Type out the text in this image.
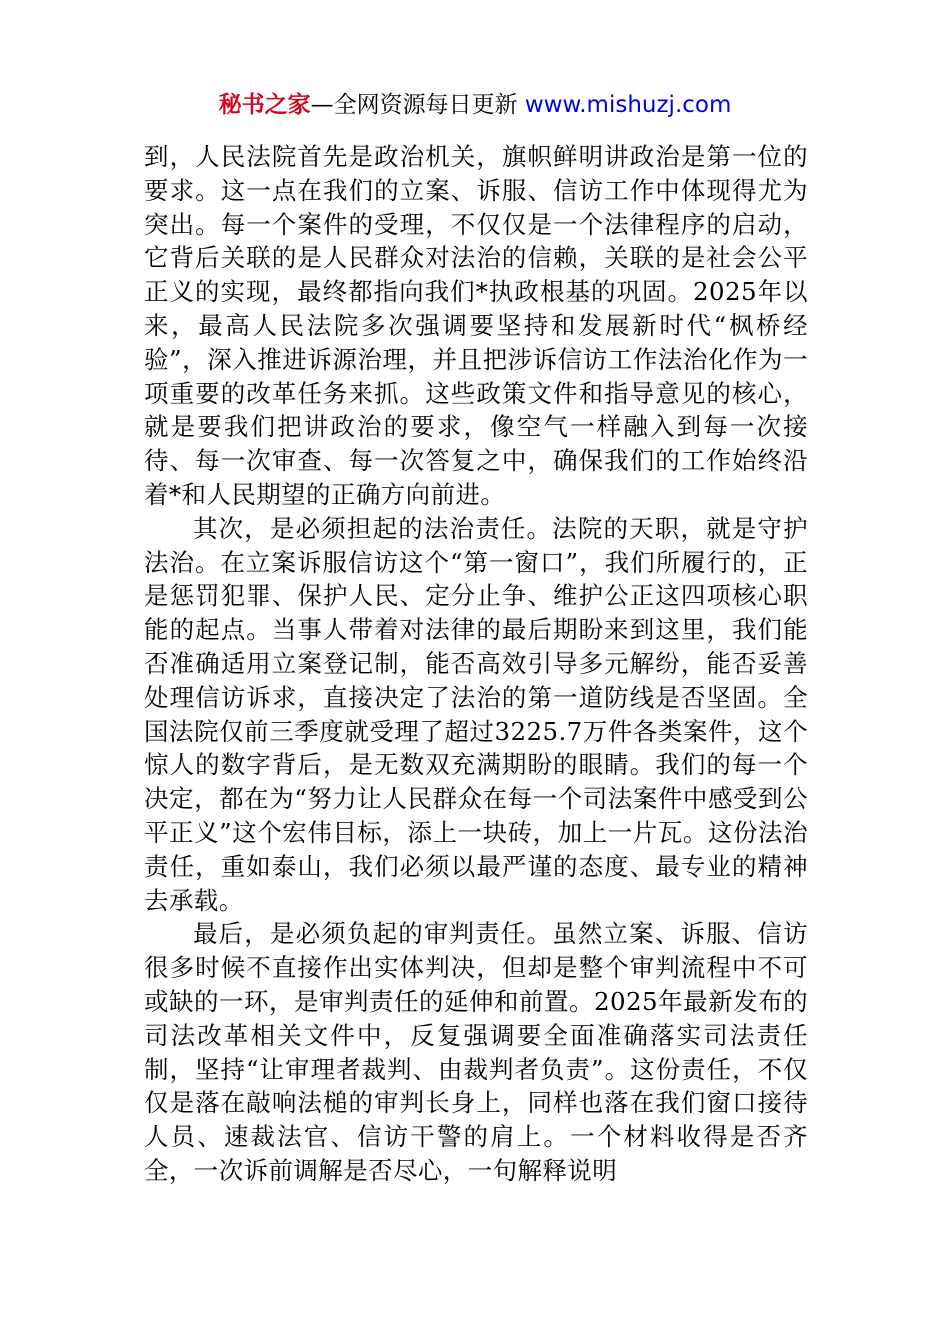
秘书之家—全网资源每日更新 www.mishuzj.com

到，人民法院首先是政治机关，旗帜鲜明讲政治是第一位的要求。这一点在我们的立案、诉服、信访工作中体现得尤为突出。每一个案件的受理，不仅仅是一个法律程序的启动，它背后关联的是人民群众对法治的信赖，关联的是社会公平正义的实现，最终都指向我们*执政根基的巩固。2025年以来，最高人民法院多次强调要坚持和发展新时代“枫桥经验”，深入推进诉源治理，并且把涉诉信访工作法治化作为一项重要的改革任务来抓。这些政策文件和指导意见的核心，就是要我们把讲政治的要求，像空气一样融入到每一次接待、每一次审查、每一次答复之中，确保我们的工作始终沿着*和人民期望的正确方向前进。

其次，是必须担起的法治责任。法院的天职，就是守护法治。在立案诉服信访这个“第一窗口”，我们所履行的，正是惩罚犯罪、保护人民、定分止争、维护公正这四项核心职能的起点。当事人带着对法律的最后期盼来到这里，我们能否准确适用立案登记制，能否高效引导多元解纷，能否妥善处理信访诉求，直接决定了法治的第一道防线是否坚固。全国法院仅前三季度就受理了超过3225.7万件各类案件，这个惊人的数字背后，是无数双充满期盼的眼睛。我们的每一个决定，都在为“努力让人民群众在每一个司法案件中感受到公平正义”这个宏伟目标，添上一块砖，加上一片瓦。这份法治责任，重如泰山，我们必须以最严谨的态度、最专业的精神去承载。

最后，是必须负起的审判责任。虽然立案、诉服、信访很多时候不直接作出实体判决，但却是整个审判流程中不可或缺的一环，是审判责任的延伸和前置。2025年最新发布的司法改革相关文件中，反复强调要全面准确落实司法责任制，坚持“让审理者裁判、由裁判者负责”。这份责任，不仅仅是落在敲响法槌的审判长身上，同样也落在我们窗口接待人员、速裁法官、信访干警的肩上。一个材料收得是否齐全，一次诉前调解是否尽心，一句解释说明
